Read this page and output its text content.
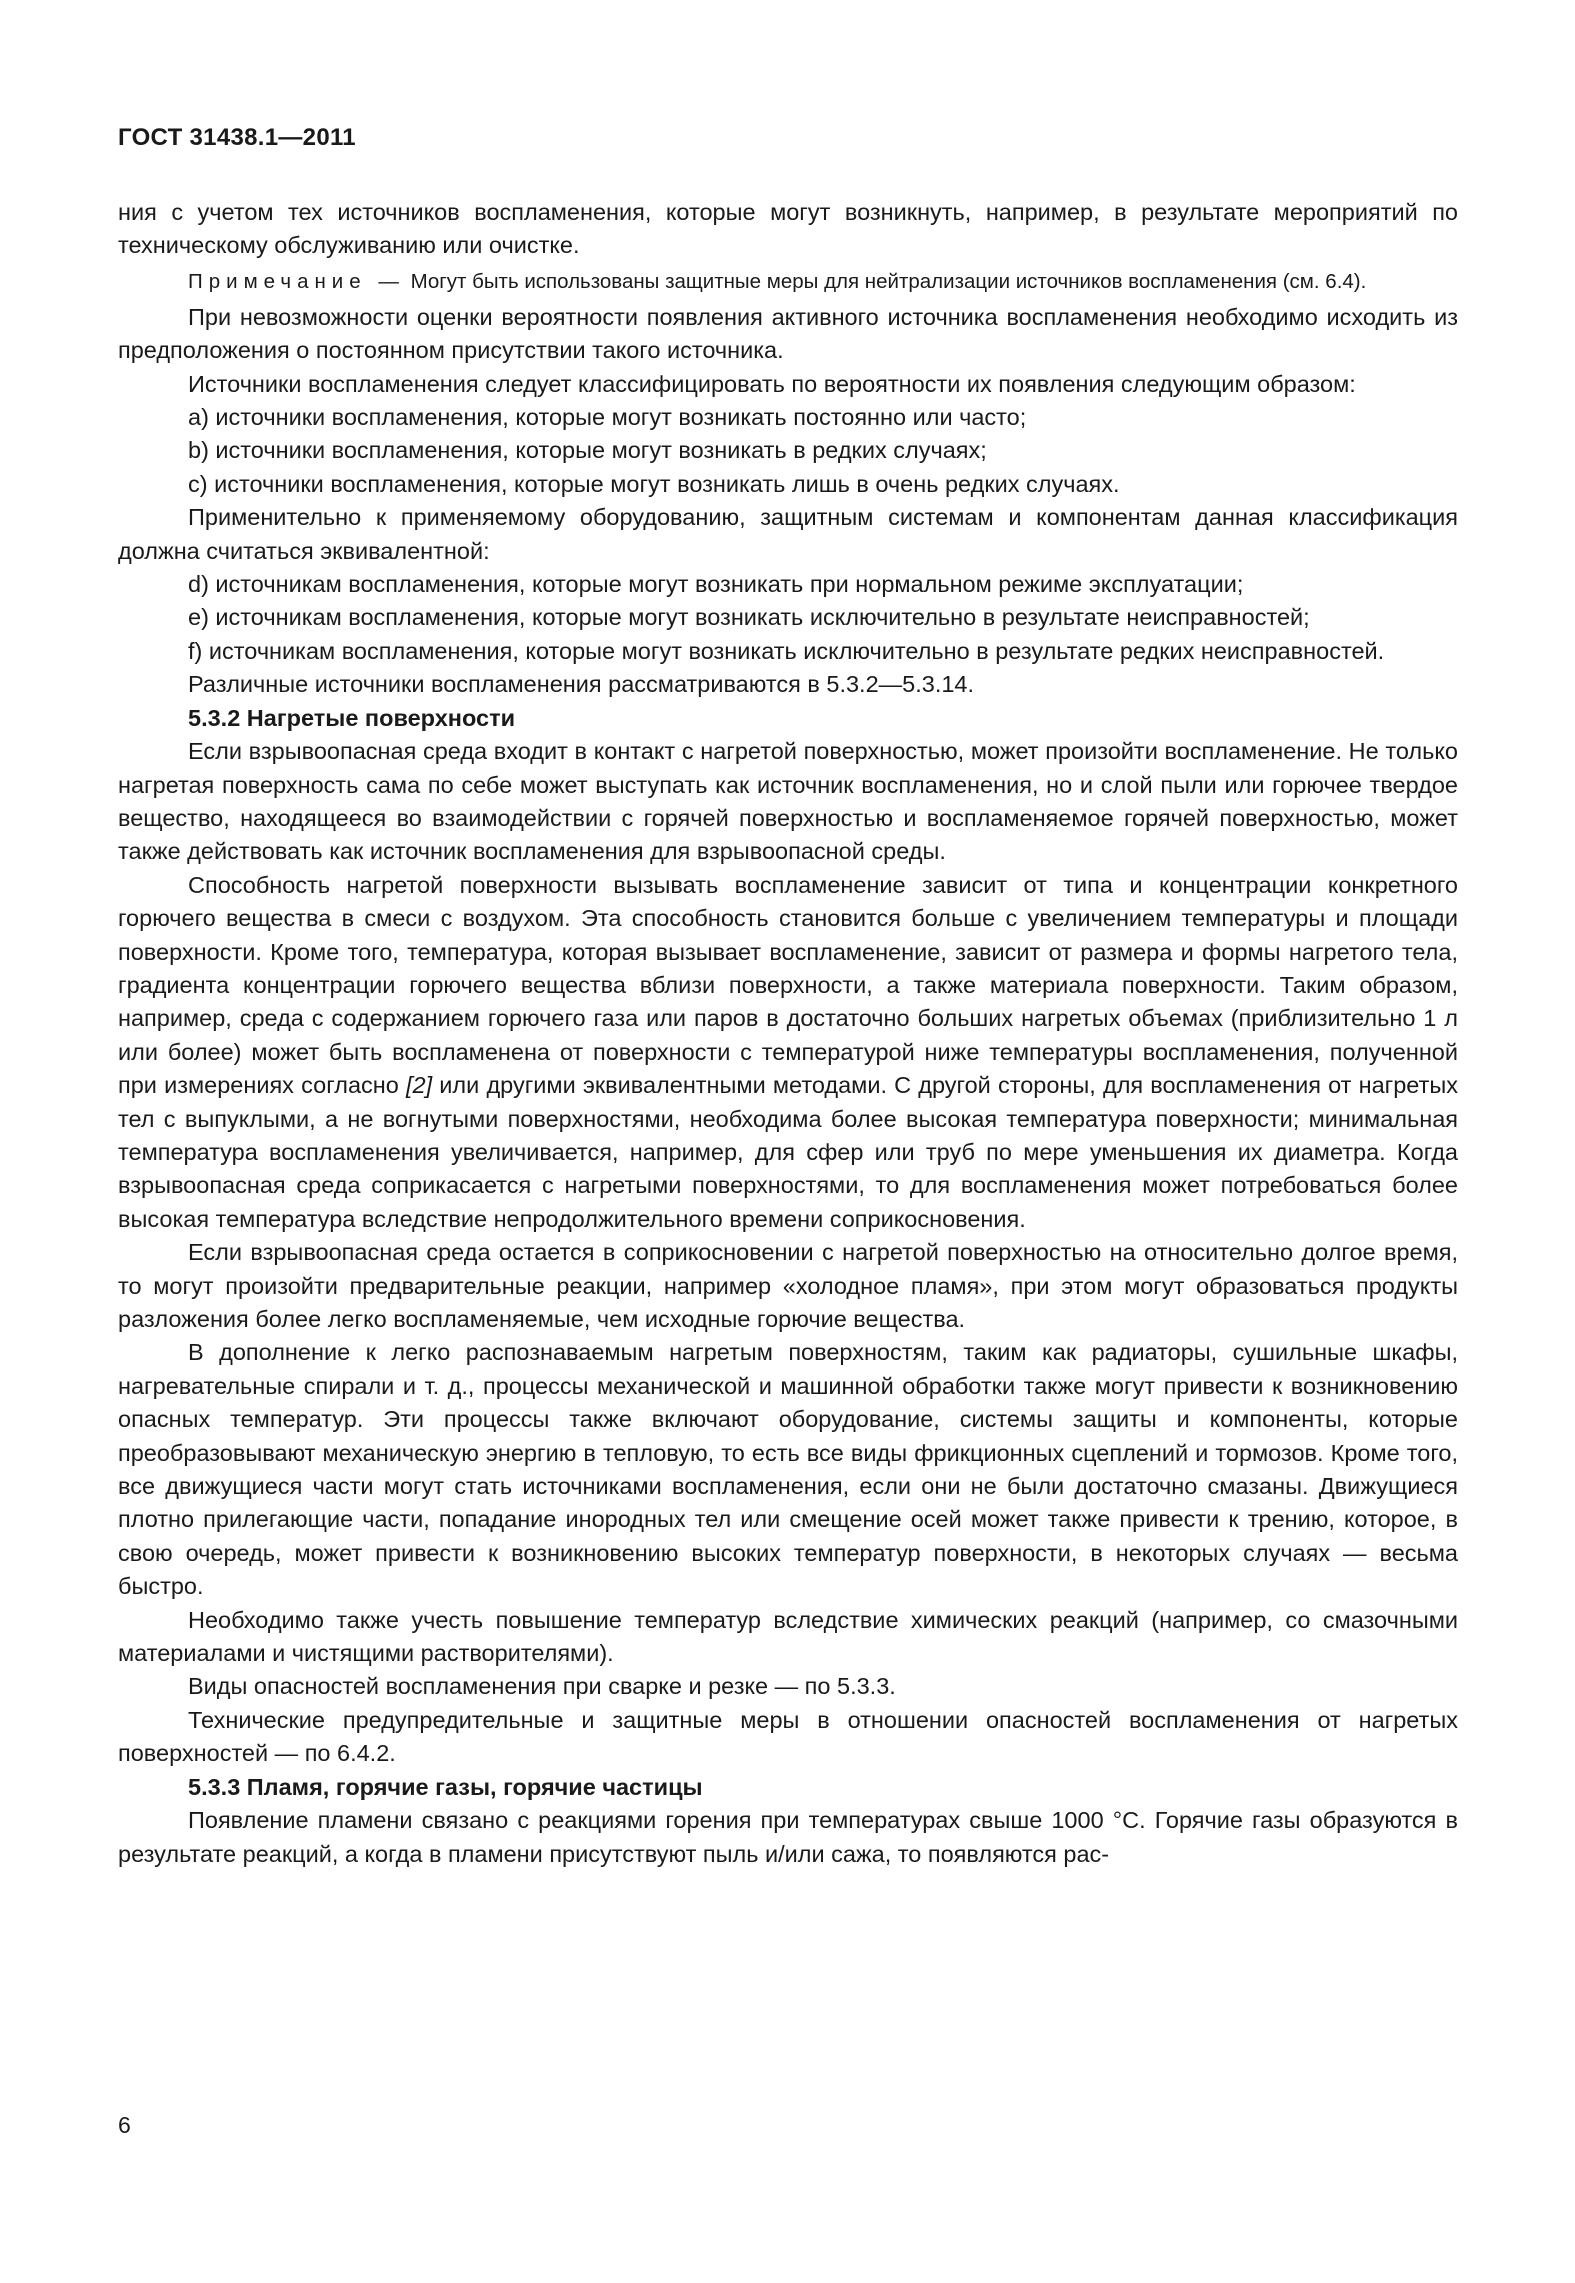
ГОСТ 31438.1—2011

ния с учетом тех источников воспламенения, которые могут возникнуть, например, в результате мероприятий по техническому обслуживанию или очистке.

Примечание — Могут быть использованы защитные меры для нейтрализации источников воспламенения (см. 6.4).

При невозможности оценки вероятности появления активного источника воспламенения необходимо исходить из предположения о постоянном присутствии такого источника.

Источники воспламенения следует классифицировать по вероятности их появления следующим образом:

а) источники воспламенения, которые могут возникать постоянно или часто;

b) источники воспламенения, которые могут возникать в редких случаях;

с) источники воспламенения, которые могут возникать лишь в очень редких случаях.

Применительно к применяемому оборудованию, защитным системам и компонентам данная классификация должна считаться эквивалентной:

d) источникам воспламенения, которые могут возникать при нормальном режиме эксплуатации;

е) источникам воспламенения, которые могут возникать исключительно в результате неисправностей;

f) источникам воспламенения, которые могут возникать исключительно в результате редких неисправностей.

Различные источники воспламенения рассматриваются в 5.3.2—5.3.14.

5.3.2 Нагретые поверхности

Если взрывоопасная среда входит в контакт с нагретой поверхностью, может произойти воспламенение. Не только нагретая поверхность сама по себе может выступать как источник воспламенения, но и слой пыли или горючее твердое вещество, находящееся во взаимодействии с горячей поверхностью и воспламеняемое горячей поверхностью, может также действовать как источник воспламенения для взрывоопасной среды.

Способность нагретой поверхности вызывать воспламенение зависит от типа и концентрации конкретного горючего вещества в смеси с воздухом. Эта способность становится больше с увеличением температуры и площади поверхности. Кроме того, температура, которая вызывает воспламенение, зависит от размера и формы нагретого тела, градиента концентрации горючего вещества вблизи поверхности, а также материала поверхности. Таким образом, например, среда с содержанием горючего газа или паров в достаточно больших нагретых объемах (приблизительно 1 л или более) может быть воспламенена от поверхности с температурой ниже температуры воспламенения, полученной при измерениях согласно [2] или другими эквивалентными методами. С другой стороны, для воспламенения от нагретых тел с выпуклыми, а не вогнутыми поверхностями, необходима более высокая температура поверхности; минимальная температура воспламенения увеличивается, например, для сфер или труб по мере уменьшения их диаметра. Когда взрывоопасная среда соприкасается с нагретыми поверхностями, то для воспламенения может потребоваться более высокая температура вследствие непродолжительного времени соприкосновения.

Если взрывоопасная среда остается в соприкосновении с нагретой поверхностью на относительно долгое время, то могут произойти предварительные реакции, например «холодное пламя», при этом могут образоваться продукты разложения более легко воспламеняемые, чем исходные горючие вещества.

В дополнение к легко распознаваемым нагретым поверхностям, таким как радиаторы, сушильные шкафы, нагревательные спирали и т. д., процессы механической и машинной обработки также могут привести к возникновению опасных температур. Эти процессы также включают оборудование, системы защиты и компоненты, которые преобразовывают механическую энергию в тепловую, то есть все виды фрикционных сцеплений и тормозов. Кроме того, все движущиеся части могут стать источниками воспламенения, если они не были достаточно смазаны. Движущиеся плотно прилегающие части, попадание инородных тел или смещение осей может также привести к трению, которое, в свою очередь, может привести к возникновению высоких температур поверхности, в некоторых случаях — весьма быстро.

Необходимо также учесть повышение температур вследствие химических реакций (например, со смазочными материалами и чистящими растворителями).

Виды опасностей воспламенения при сварке и резке — по 5.3.3.

Технические предупредительные и защитные меры в отношении опасностей воспламенения от нагретых поверхностей — по 6.4.2.

5.3.3 Пламя, горячие газы, горячие частицы

Появление пламени связано с реакциями горения при температурах свыше 1000 °С. Горячие газы образуются в результате реакций, а когда в пламени присутствуют пыль и/или сажа, то появляются рас-

6
